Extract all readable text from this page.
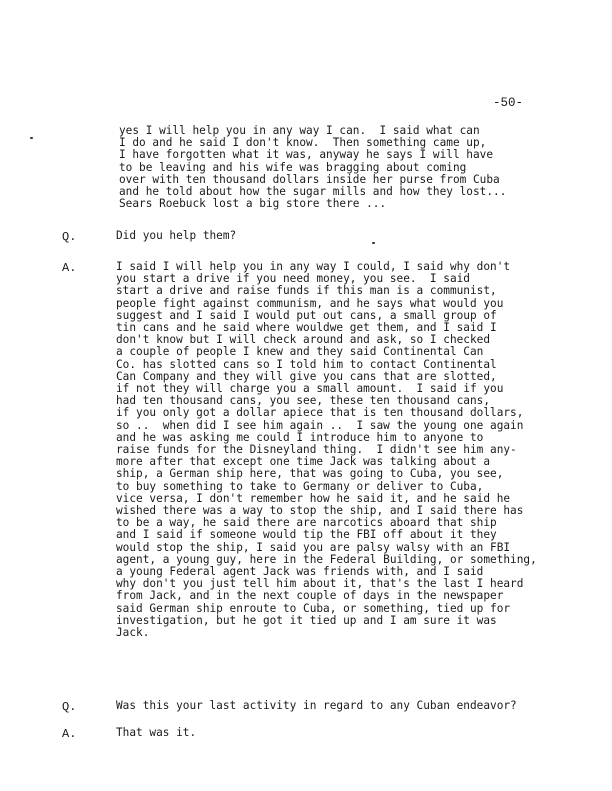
-50-
yes I will help you in any way I can.  I said what can
I do and he said I don't know.  Then something came up,
I have forgotten what it was, anyway he says I will have
to be leaving and his wife was bragging about coming
over with ten thousand dollars inside her purse from Cuba
and he told about how the sugar mills and how they lost...
Sears Roebuck lost a big store there ...
Q.	Did you help them?
A.	I said I will help you in any way I could, I said why don't
you start a drive if you need money, you see.  I said
start a drive and raise funds if this man is a communist,
people fight against communism, and he says what would you
suggest and I said I would put out cans, a small group of
tin cans and he said where wouldwe get them, and I said I
don't know but I will check around and ask, so I checked
a couple of people I knew and they said Continental Can
Co. has slotted cans so I told him to contact Continental
Can Company and they will give you cans that are slotted,
if not they will charge you a small amount.  I said if you
had ten thousand cans, you see, these ten thousand cans,
if you only got a dollar apiece that is ten thousand dollars,
so ..  when did I see him again ..  I saw the young one again
and he was asking me could I introduce him to anyone to
raise funds for the Disneyland thing.  I didn't see him any-
more after that except one time Jack was talking about a
ship, a German ship here, that was going to Cuba, you see,
to buy something to take to Germany or deliver to Cuba,
vice versa, I don't remember how he said it, and he said he
wished there was a way to stop the ship, and I said there has
to be a way, he said there are narcotics aboard that ship
and I said if someone would tip the FBI off about it they
would stop the ship, I said you are palsy walsy with an FBI
agent, a young guy, here in the Federal Building, or something,
a young Federal agent Jack was friends with, and I said
why don't you just tell him about it, that's the last I heard
from Jack, and in the next couple of days in the newspaper
said German ship enroute to Cuba, or something, tied up for
investigation, but he got it tied up and I am sure it was
Jack.
Q.	Was this your last activity in regard to any Cuban endeavor?
A.	That was it.
